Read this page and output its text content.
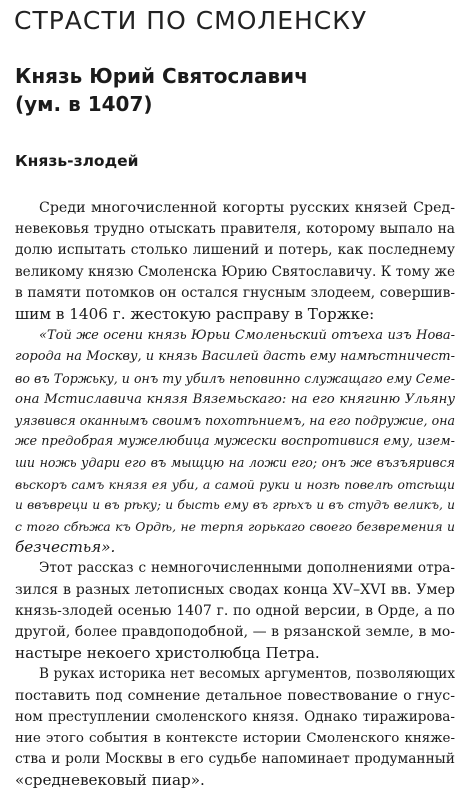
СТРАСТИ ПО СМОЛЕНСКУ
Князь Юрий Святославич
(ум. в 1407)
Князь-злодей
Среди многочисленной когорты русских князей Сред-
невековья трудно отыскать правителя, которому выпало на
долю испытать столько лишений и потерь, как последнему
великому князю Смоленска Юрию Святославичу. К тому же
в памяти потомков он остался гнусным злодеем, совершив-
шим в 1406 г. жестокую расправу в Торжке:
«Той же осени князь Юрьи Смоленьский отъеха изъ Нова-
города на Москву, и князь Василей дасть ему намѣстничест-
во въ Торжьку, и онъ ту убилъ неповинно служащаго ему Семе-
она Мстиславича князя Вяземьскаго: на его княгиню Ульяну
уязвився оканнымъ своимъ похотѣниемъ, на его подружие, она
же предобрая мужелюбица мужески воспротивися ему, изем-
ши ножь удари его въ мыщцю на ложи его; онъ же възъярився
вьскоръ самъ князя ея уби, а самой руки и нозѣ повелѣ отсѣщи
и ввъвреци и въ рѣку; и бысть ему въ грѣхъ и въ студъ великъ, и
с того сбѣжа къ Ордѣ, не терпя горькаго своего безвремения и
безчестья».
Этот рассказ с немногочисленными дополнениями отра-
зился в разных летописных сводах конца XV–XVI вв. Умер
князь-злодей осенью 1407 г. по одной версии, в Орде, а по
другой, более правдоподобной, — в рязанской земле, в мо-
настыре некоего христолюбца Петра.
В руках историка нет весомых аргументов, позволяющих
поставить под сомнение детальное повествование о гнус-
ном преступлении смоленского князя. Однако тиражирова-
ние этого события в контексте истории Смоленского княже-
ства и роли Москвы в его судьбе напоминает продуманный
«средневековый пиар».
